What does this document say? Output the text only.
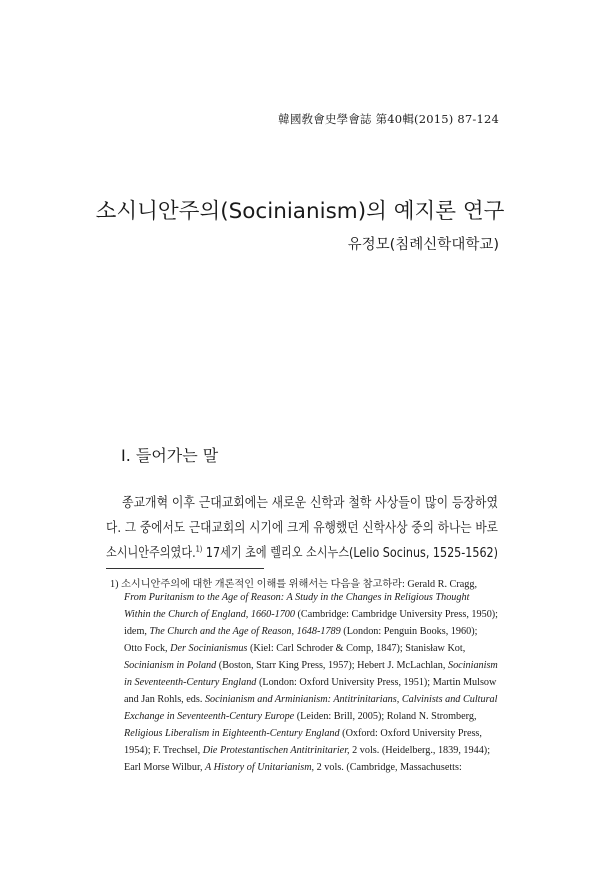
韓國敎會史學會誌 第40輯(2015) 87-124
소시니안주의(Socinianism)의 예지론 연구
유정모(침례신학대학교)
Ⅰ. 들어가는 말
종교개혁 이후 근대교회에는 새로운 신학과 철학 사상들이 많이 등장하였
다. 그 중에서도 근대교회의 시기에 크게 유행했던 신학사상 중의 하나는 바로
소시니안주의였다.$^{1)}$ 17세기 초에 렐리오 소시누스(Lelio Socinus, 1525-1562)
1) 소시니안주의에 대한 개론적인 이해를 위해서는 다음을 참고하라: Gerald R. Cragg,
From Puritanism to the Age of Reason: A Study in the Changes in Religious Thought
Within the Church of England, 1660-1700 (Cambridge: Cambridge University Press, 1950);
idem, The Church and the Age of Reason, 1648-1789 (London: Penguin Books, 1960);
Otto Fock, Der Socinianismus (Kiel: Carl Schroder & Comp, 1847); Stanisław Kot,
Socinianism in Poland (Boston, Starr King Press, 1957); Hebert J. McLachlan, Socinianism
in Seventeenth-Century England (London: Oxford University Press, 1951); Martin Mulsow
and Jan Rohls, eds. Socinianism and Arminianism: Antitrinitarians, Calvinists and Cultural
Exchange in Seventeenth-Century Europe (Leiden: Brill, 2005); Roland N. Stromberg,
Religious Liberalism in Eighteenth-Century England (Oxford: Oxford University Press,
1954); F. Trechsel, Die Protestantischen Antitrinitarier, 2 vols. (Heidelberg., 1839, 1944);
Earl Morse Wilbur, A History of Unitarianism, 2 vols. (Cambridge, Massachusetts:
